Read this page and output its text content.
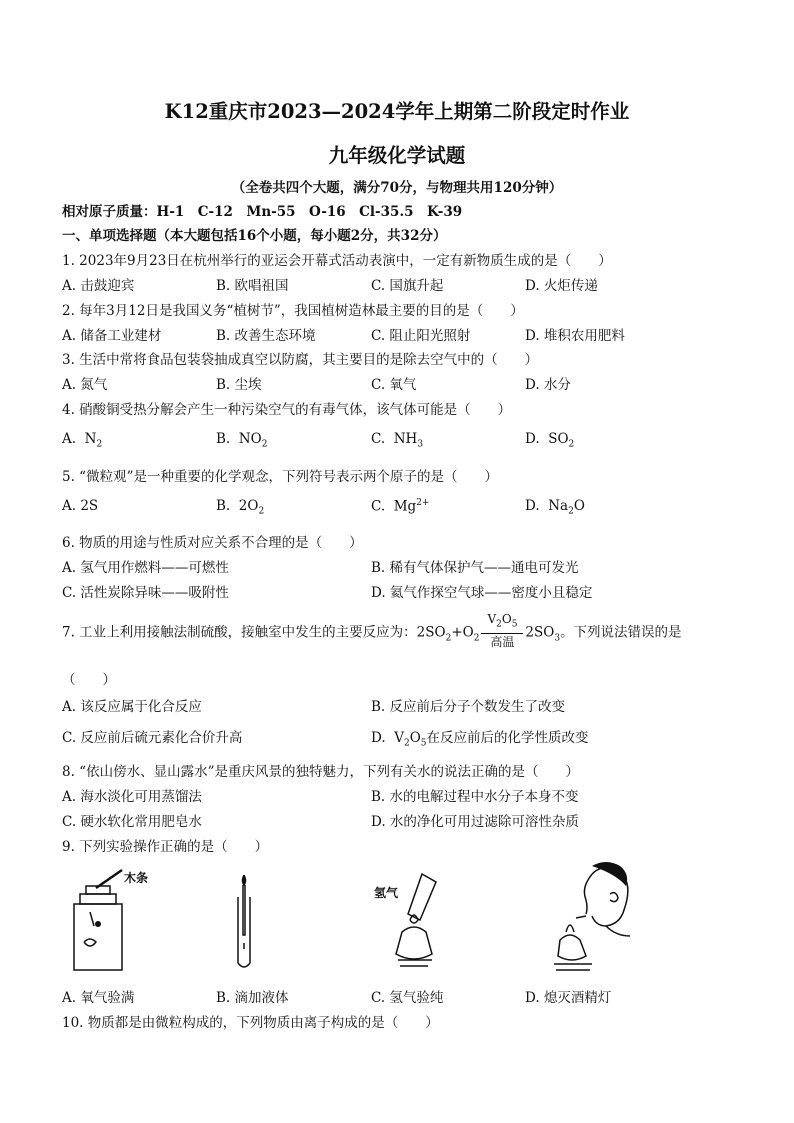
K12重庆市2023—2024学年上期第二阶段定时作业
九年级化学试题
（全卷共四个大题，满分70分，与物理共用120分钟）
相对原子质量：H-1　C-12　Mn-55　O-16　Cl-35.5　K-39
一、单项选择题（本大题包括16个小题，每小题2分，共32分）
1. 2023年9月23日在杭州举行的亚运会开幕式活动表演中，一定有新物质生成的是（　　）
A. 击鼓迎宾	B. 欧唱祖国	C. 国旗升起	D. 火炬传递
2. 每年3月12日是我国义务“植树节”，我国植树造林最主要的目的是（　　）
A. 储备工业建材	B. 改善生态环境	C. 阻止阳光照射	D. 堆积农用肥料
3. 生活中常将食品包装袋抽成真空以防腐，其主要目的是除去空气中的（　　）
A. 氮气	B. 尘埃	C. 氧气	D. 水分
4. 硝酸铜受热分解会产生一种污染空气的有毒气体，该气体可能是（　　）
A.  $N_2$	B.  $NO_2$	C.  $NH_3$	D.  $SO_2$
5. “微粒观”是一种重要的化学观念，下列符号表示两个原子的是（　　）
A. 2S	B.  $2O_2$	C.  $Mg^{2+}$	D.  $Na_2O$
6. 物质的用途与性质对应关系不合理的是（　　）
A. 氢气用作燃料——可燃性	B. 稀有气体保护气——通电可发光
C. 活性炭除异味——吸附性	D. 氦气作探空气球——密度小且稳定
7. 工业上利用接触法制硫酸，接触室中发生的主要反应为：$2SO_2+O_2 \frac{V_2O_5}{\text{高温}} 2SO_3$。下列说法错误的是
（　　）
A. 该反应属于化合反应	B. 反应前后分子个数发生了改变
C. 反应前后硫元素化合价升高	D.  $V_2O_5$在反应前后的化学性质改变
8. “依山傍水、显山露水”是重庆风景的独特魅力，下列有关水的说法正确的是（　　）
A. 海水淡化可用蒸馏法	B. 水的电解过程中水分子本身不变
C. 硬水软化常用肥皂水	D. 水的净化可用过滤除可溶性杂质
9. 下列实验操作正确的是（　　）
木条
氢气
A. 氧气验满	B. 滴加液体	C. 氢气验纯	D. 熄灭酒精灯
10. 物质都是由微粒构成的，下列物质由离子构成的是（　　）
